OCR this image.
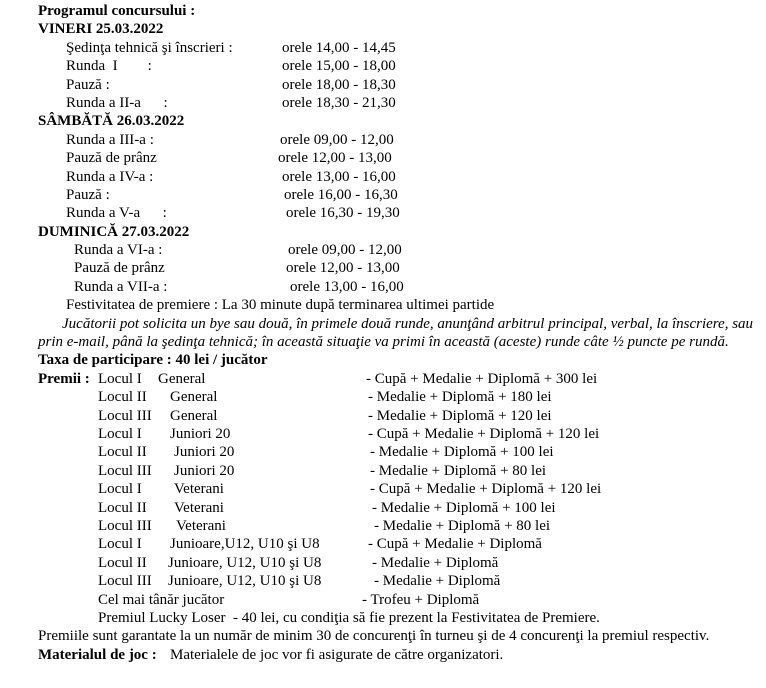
Programul concursului :
VINERI 25.03.2022
Şedinţa tehnică şi înscrieri :	orele 14,00 - 14,45
Runda  I        :	orele 15,00 - 18,00
Pauză :	orele 18,00 - 18,30
Runda a II-a      :	orele 18,30 - 21,30
SÂMBĂTĂ 26.03.2022
Runda a III-a :	orele 09,00 - 12,00
Pauză de prânz	orele 12,00 - 13,00
Runda a IV-a :	orele 13,00 - 16,00
Pauză :	orele 16,00 - 16,30
Runda a V-a      :	orele 16,30 - 19,30
DUMINICĂ 27.03.2022
Runda a VI-a :	orele 09,00 - 12,00
Pauză de prânz	orele 12,00 - 13,00
Runda a VII-a :	orele 13,00 - 16,00
Festivitatea de premiere : La 30 minute după terminarea ultimei partide
Jucătorii pot solicita un bye sau două, în primele două runde, anunţând arbitrul principal, verbal, la înscriere, sau prin e-mail, până la şedinţa tehnică; în această situaţie va primi în această (aceste) runde câte ½ puncte pe rundă.
Taxa de participare : 40 lei / jucător
Premii : Locul I General	- Cupă + Medalie + Diplomă + 300 lei
Locul II General	- Medalie + Diplomă + 180 lei
Locul III General	- Medalie + Diplomă + 120 lei
Locul I Juniori 20	- Cupă + Medalie + Diplomă + 120 lei
Locul II Juniori 20	- Medalie + Diplomă + 100 lei
Locul III Juniori 20	- Medalie + Diplomă + 80 lei
Locul I Veterani	- Cupă + Medalie + Diplomă + 120 lei
Locul II Veterani	- Medalie + Diplomă + 100 lei
Locul III Veterani	- Medalie + Diplomă + 80 lei
Locul I Junioare,U12, U10 şi U8	- Cupă + Medalie + Diplomă
Locul II Junioare, U12, U10 şi U8	- Medalie + Diplomă
Locul III Junioare, U12, U10 şi U8	- Medalie + Diplomă
Cel mai tânăr jucător	- Trofeu + Diplomă
Premiul Lucky Loser  - 40 lei, cu condiţia să fie prezent la Festivitatea de Premiere.
Premiile sunt garantate la un număr de minim 30 de concurenţi în turneu şi de 4 concurenţi la premiul respectiv.
Materialul de joc : Materialele de joc vor fi asigurate de către organizatori.
